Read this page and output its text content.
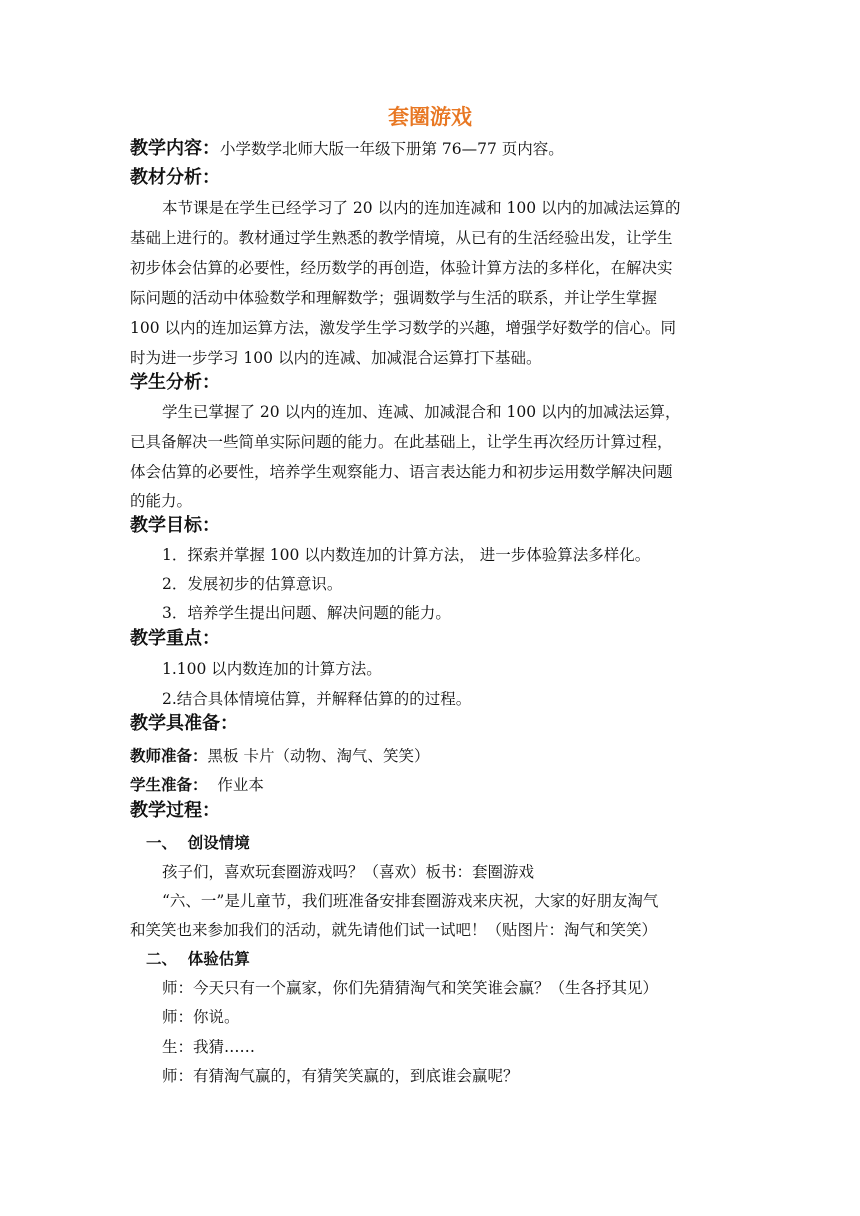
套圈游戏
教学内容：小学数学北师大版一年级下册第 76—77 页内容。
教材分析：
本节课是在学生已经学习了 20 以内的连加连减和 100 以内的加减法运算的
基础上进行的。教材通过学生熟悉的教学情境，从已有的生活经验出发，让学生
初步体会估算的必要性，经历数学的再创造，体验计算方法的多样化，在解决实
际问题的活动中体验数学和理解数学；强调数学与生活的联系，并让学生掌握
100 以内的连加运算方法，激发学生学习数学的兴趣，增强学好数学的信心。同
时为进一步学习 100 以内的连减、加减混合运算打下基础。
学生分析：
学生已掌握了 20 以内的连加、连减、加减混合和 100 以内的加减法运算，
已具备解决一些简单实际问题的能力。在此基础上，让学生再次经历计算过程，
体会估算的必要性，培养学生观察能力、语言表达能力和初步运用数学解决问题
的能力。
教学目标：
1．探索并掌握 100 以内数连加的计算方法， 进一步体验算法多样化。
2．发展初步的估算意识。
3．培养学生提出问题、解决问题的能力。
教学重点：
1.100 以内数连加的计算方法。
2.结合具体情境估算，并解释估算的的过程。
教学具准备：
教师准备：黑板 卡片（动物、淘气、笑笑）
学生准备：  作业本
教学过程：
一、  创设情境
孩子们，喜欢玩套圈游戏吗？（喜欢）板书：套圈游戏
“六、一”是儿童节，我们班准备安排套圈游戏来庆祝，大家的好朋友淘气
和笑笑也来参加我们的活动，就先请他们试一试吧！（贴图片：淘气和笑笑）
二、  体验估算
师：今天只有一个赢家，你们先猜猜淘气和笑笑谁会赢？（生各抒其见）
师：你说。
生：我猜……
师：有猜淘气赢的，有猜笑笑赢的，到底谁会赢呢？
